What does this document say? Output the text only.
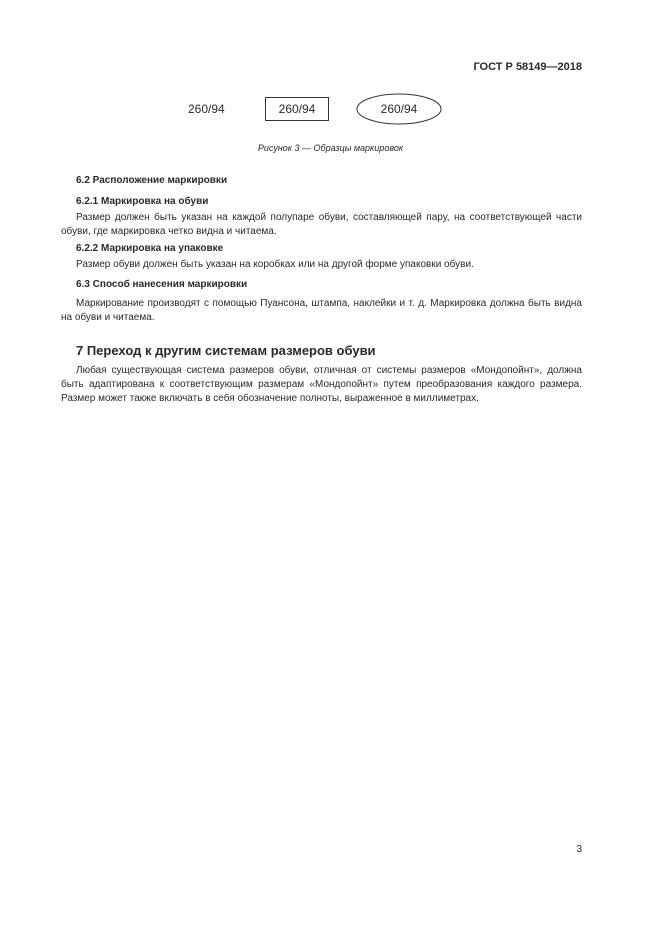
ГОСТ Р 58149—2018
260/94	260/94	260/94
Рисунок 3 — Образцы маркировок
6.2 Расположение маркировки
6.2.1 Маркировка на обуви
Размер должен быть указан на каждой полупаре обуви, составляющей пару, на соответствующей части обуви, где маркировка четко видна и читаема.
6.2.2 Маркировка на упаковке
Размер обуви должен быть указан на коробках или на другой форме упаковки обуви.
6.3 Способ нанесения маркировки
Маркирование производят с помощью Пуансона, штампа, наклейки и т. д. Маркировка должна быть видна на обуви и читаема.
7 Переход к другим системам размеров обуви
Любая существующая система размеров обуви, отличная от системы размеров «Мондопойнт», должна быть адаптирована к соответствующим размерам «Мондопойнт» путем преобразования каждого размера. Размер может также включать в себя обозначение полноты, выраженное в миллиметрах.
3
